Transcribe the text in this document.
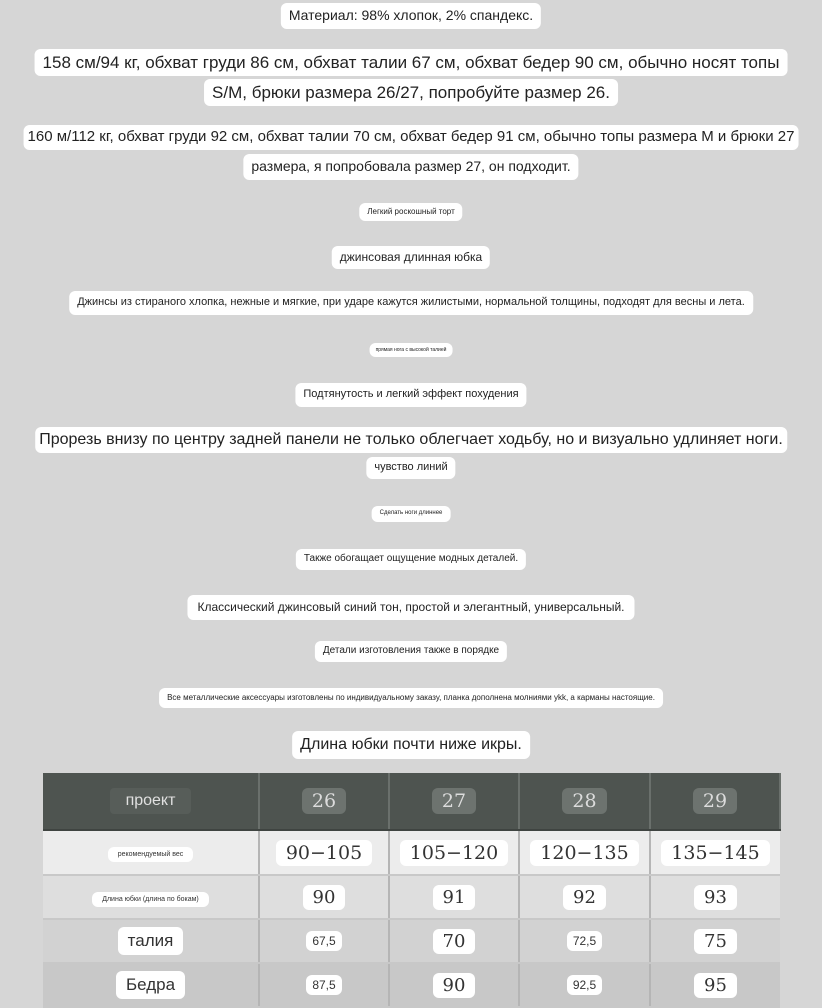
Материал: 98% хлопок, 2% спандекс.
158 см/94 кг, обхват груди 86 см, обхват талии 67 см, обхват бедер 90 см, обычно носят топы
S/M, брюки размера 26/27, попробуйте размер 26.
160 м/112 кг, обхват груди 92 см, обхват талии 70 см, обхват бедер 91 см, обычно топы размера M и брюки 27
размера, я попробовала размер 27, он подходит.
Легкий роскошный торт
джинсовая длинная юбка
Джинсы из стираного хлопка, нежные и мягкие, при ударе кажутся жилистыми, нормальной толщины, подходят для весны и лета.
прямая нога с высокой талией
Подтянутость и легкий эффект похудения
Прорезь внизу по центру задней панели не только облегчает ходьбу, но и визуально удлиняет ноги.
чувство линий
Сделать ноги длиннее
Также обогащает ощущение модных деталей.
Классический джинсовый синий тон, простой и элегантный, универсальный.
Детали изготовления также в порядке
Все металлические аксессуары изготовлены по индивидуальному заказу, планка дополнена молниями ykk, а карманы настоящие.
Длина юбки почти ниже икры.
проект	26	27	28	29
рекомендуемый вес	90−105	105−120	120−135	135−145
Длина юбки (длина по бокам)	90	91	92	93
талия	67,5	70	72,5	75
Бедра	87,5	90	92,5	95
